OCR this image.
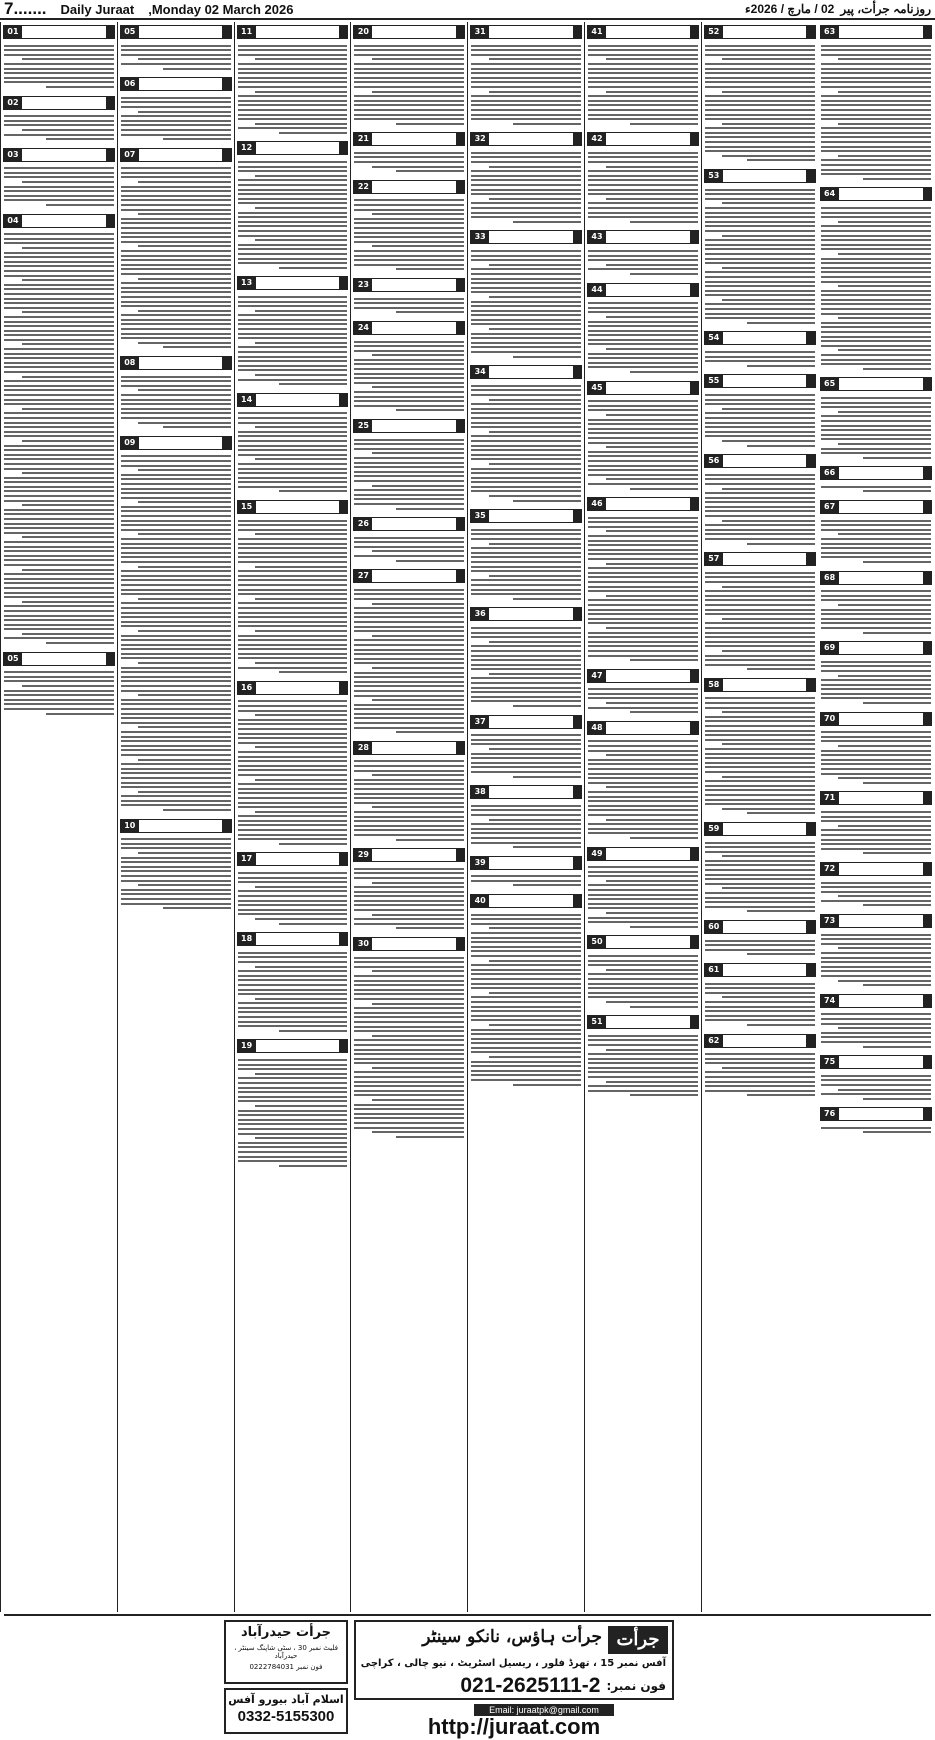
7....... Daily Juraat ,Monday 02 March 2026	روزنامہ جرأت، پیر
02 / مارچ / 2026ء

01

02

03

04

05

05

06

07

08

09

10

11

12

13

14

15

16

17

18

19

20

21

22

23

24

25

26

27

28

29

30

31

32

33

34

35

36

37

38

39

40

41

42

43

44

45

46

47

48

49

50

51

52

53

54

55

56

57

58

59

60

61

62

63

64

65

66

67

68

69

70

71

72

73

74

75

76
جرأت
جرأت ہاؤس، نانکو سینٹر
آفس نمبر 15 ، تھرڈ فلور ، ریسیل اسٹریٹ ، نیو چالی ، کراچی
فون نمبر:
021-2625111-2
Email: juraatpk@gmail.com
http://juraat.com
جرأت حیدرآباد
فلیٹ نمبر 30 ، سٹی شاپنگ سینٹر ، حیدرآباد
فون نمبر 0222784031
اسلام آباد بیورو آفس
0332-5155300
